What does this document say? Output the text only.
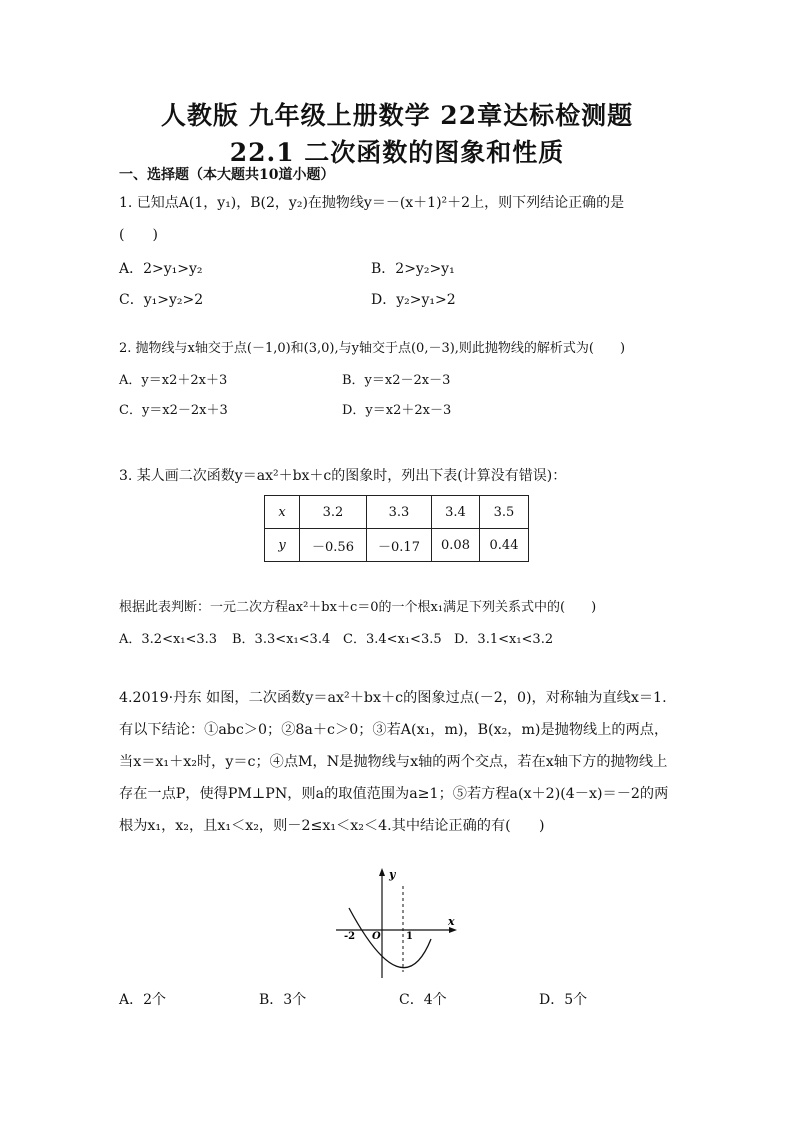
人教版 九年级上册数学 22章达标检测题
22.1 二次函数的图象和性质
一、选择题（本大题共10道小题）
1. 已知点A(1，y₁)，B(2，y₂)在抛物线y＝－(x＋1)²＋2上，则下列结论正确的是
(　　)
A．2>y₁>y₂	B．2>y₂>y₁
C．y₁>y₂>2	D．y₂>y₁>2
2. 抛物线与x轴交于点(－1,0)和(3,0),与y轴交于点(0,－3),则此抛物线的解析式为(　　)
A．y＝x2＋2x＋3	B．y＝x2－2x－3
C．y＝x2－2x＋3	D．y＝x2＋2x－3
3. 某人画二次函数y＝ax²＋bx＋c的图象时，列出下表(计算没有错误)：
x	3.2	3.3	3.4	3.5
y	－0.56	－0.17	0.08	0.44
根据此表判断：一元二次方程ax²＋bx＋c＝0的一个根x₁满足下列关系式中的(　　)
A．3.2<x₁<3.3 B．3.3<x₁<3.4 C．3.4<x₁<3.5 D．3.1<x₁<3.2
4.2019·丹东 如图，二次函数y＝ax²＋bx＋c的图象过点(－2，0)，对称轴为直线x＝1.有以下结论：①abc＞0；②8a＋c＞0；③若A(x₁，m)，B(x₂，m)是抛物线上的两点，当x＝x₁＋x₂时，y＝c；④点M，N是抛物线与x轴的两个交点，若在x轴下方的抛物线上存在一点P，使得PM⊥PN，则a的取值范围为a≥1；⑤若方程a(x＋2)(4－x)＝－2的两根为x₁，x₂，且x₁＜x₂，则－2≤x₁＜x₂＜4.其中结论正确的有(　　)
y
x
O
-2	1
A．2个	B．3个	C．4个	D．5个
